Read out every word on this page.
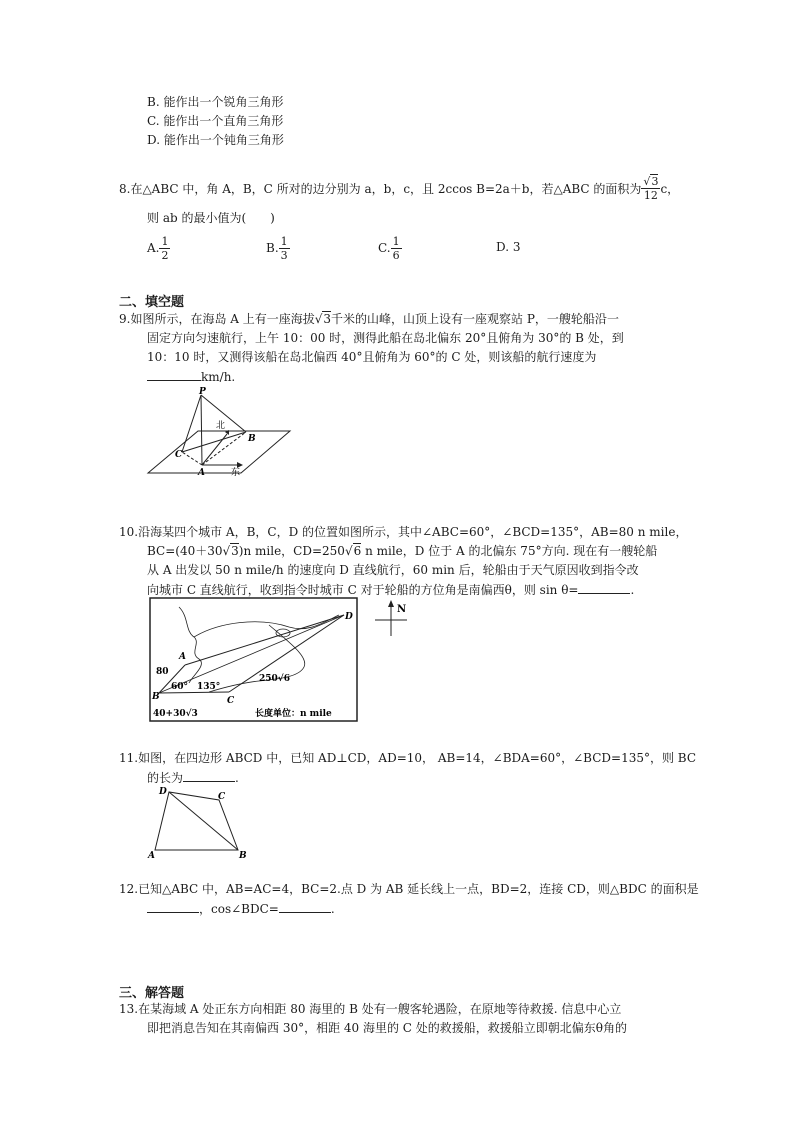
B. 能作出一个锐角三角形
C. 能作出一个直角三角形
D. 能作出一个钝角三角形
8.在△ABC 中，角 A，B，C 所对的边分别为 a，b，c，且 2ccos B=2a＋b，若△ABC 的面积为 $\frac{√3}{12}$ c，
则 ab 的最小值为(　　)
A. $\frac{1}{2}$	B. $\frac{1}{3}$	C. $\frac{1}{6}$	D. 3
二、填空题
9.如图所示，在海岛 A 上有一座海拔√3千米的山峰，山顶上设有一座观察站 P，一艘轮船沿一
固定方向匀速航行，上午 10：00 时，测得此船在岛北偏东 20°且俯角为 30°的 B 处，到
10：10 时，又测得该船在岛北偏西 40°且俯角为 60°的 C 处，则该船的航行速度为
km/h.
P
B
C
A
北
东
10.沿海某四个城市 A，B，C，D 的位置如图所示，其中∠ABC=60°，∠BCD=135°，AB=80 n mile，
BC=(40＋30√3)n mile，CD=250√6 n mile，D 位于 A 的北偏东 75°方向. 现在有一艘轮船
从 A 出发以 50 n mile/h 的速度向 D 直线航行，60 min 后，轮船由于天气原因收到指令改
向城市 C 直线航行，收到指令时城市 C 对于轮船的方位角是南偏西θ，则 sin θ=	.
A
B	C
D
80
60° 135°
250√6
40+30√3	长度单位：n mile
N
11.如图，在四边形 ABCD 中，已知 AD⊥CD，AD=10， AB=14，∠BDA=60°，∠BCD=135°，则 BC
的长为	.
D	C
A	B
12.已知△ABC 中，AB=AC=4，BC=2.点 D 为 AB 延长线上一点，BD=2，连接 CD，则△BDC 的面积是
，cos∠BDC=	.
三、解答题
13.在某海域 A 处正东方向相距 80 海里的 B 处有一艘客轮遇险，在原地等待救援. 信息中心立
即把消息告知在其南偏西 30°，相距 40 海里的 C 处的救援船，救援船立即朝北偏东θ角的
